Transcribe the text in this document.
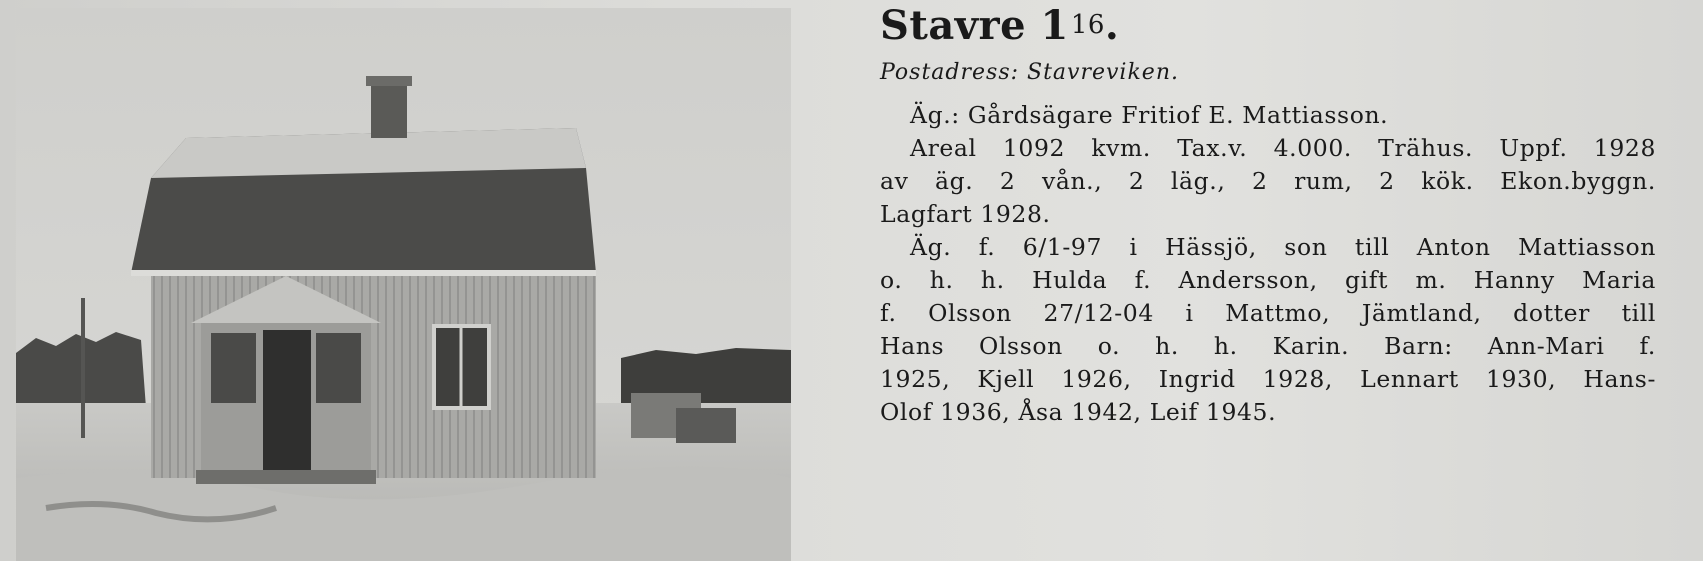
Stavre $1^{16}$.
Postadress: Stavreviken.
Äg.: Gårdsägare Fritiof E. Mattiasson.
Areal 1092 kvm. Tax.v. 4.000. Trähus. Uppf. 1928
av äg. 2 vån., 2 läg., 2 rum, 2 kök. Ekon.byggn.
Lagfart 1928.
Äg. f. 6/1-97 i Hässjö, son till Anton Mattiasson
o. h. h. Hulda f. Andersson, gift m. Hanny Maria
f. Olsson 27/12-04 i Mattmo, Jämtland, dotter till
Hans Olsson o. h. h. Karin. Barn: Ann-Mari f.
1925, Kjell 1926, Ingrid 1928, Lennart 1930, Hans-
Olof 1936, Åsa 1942, Leif 1945.
